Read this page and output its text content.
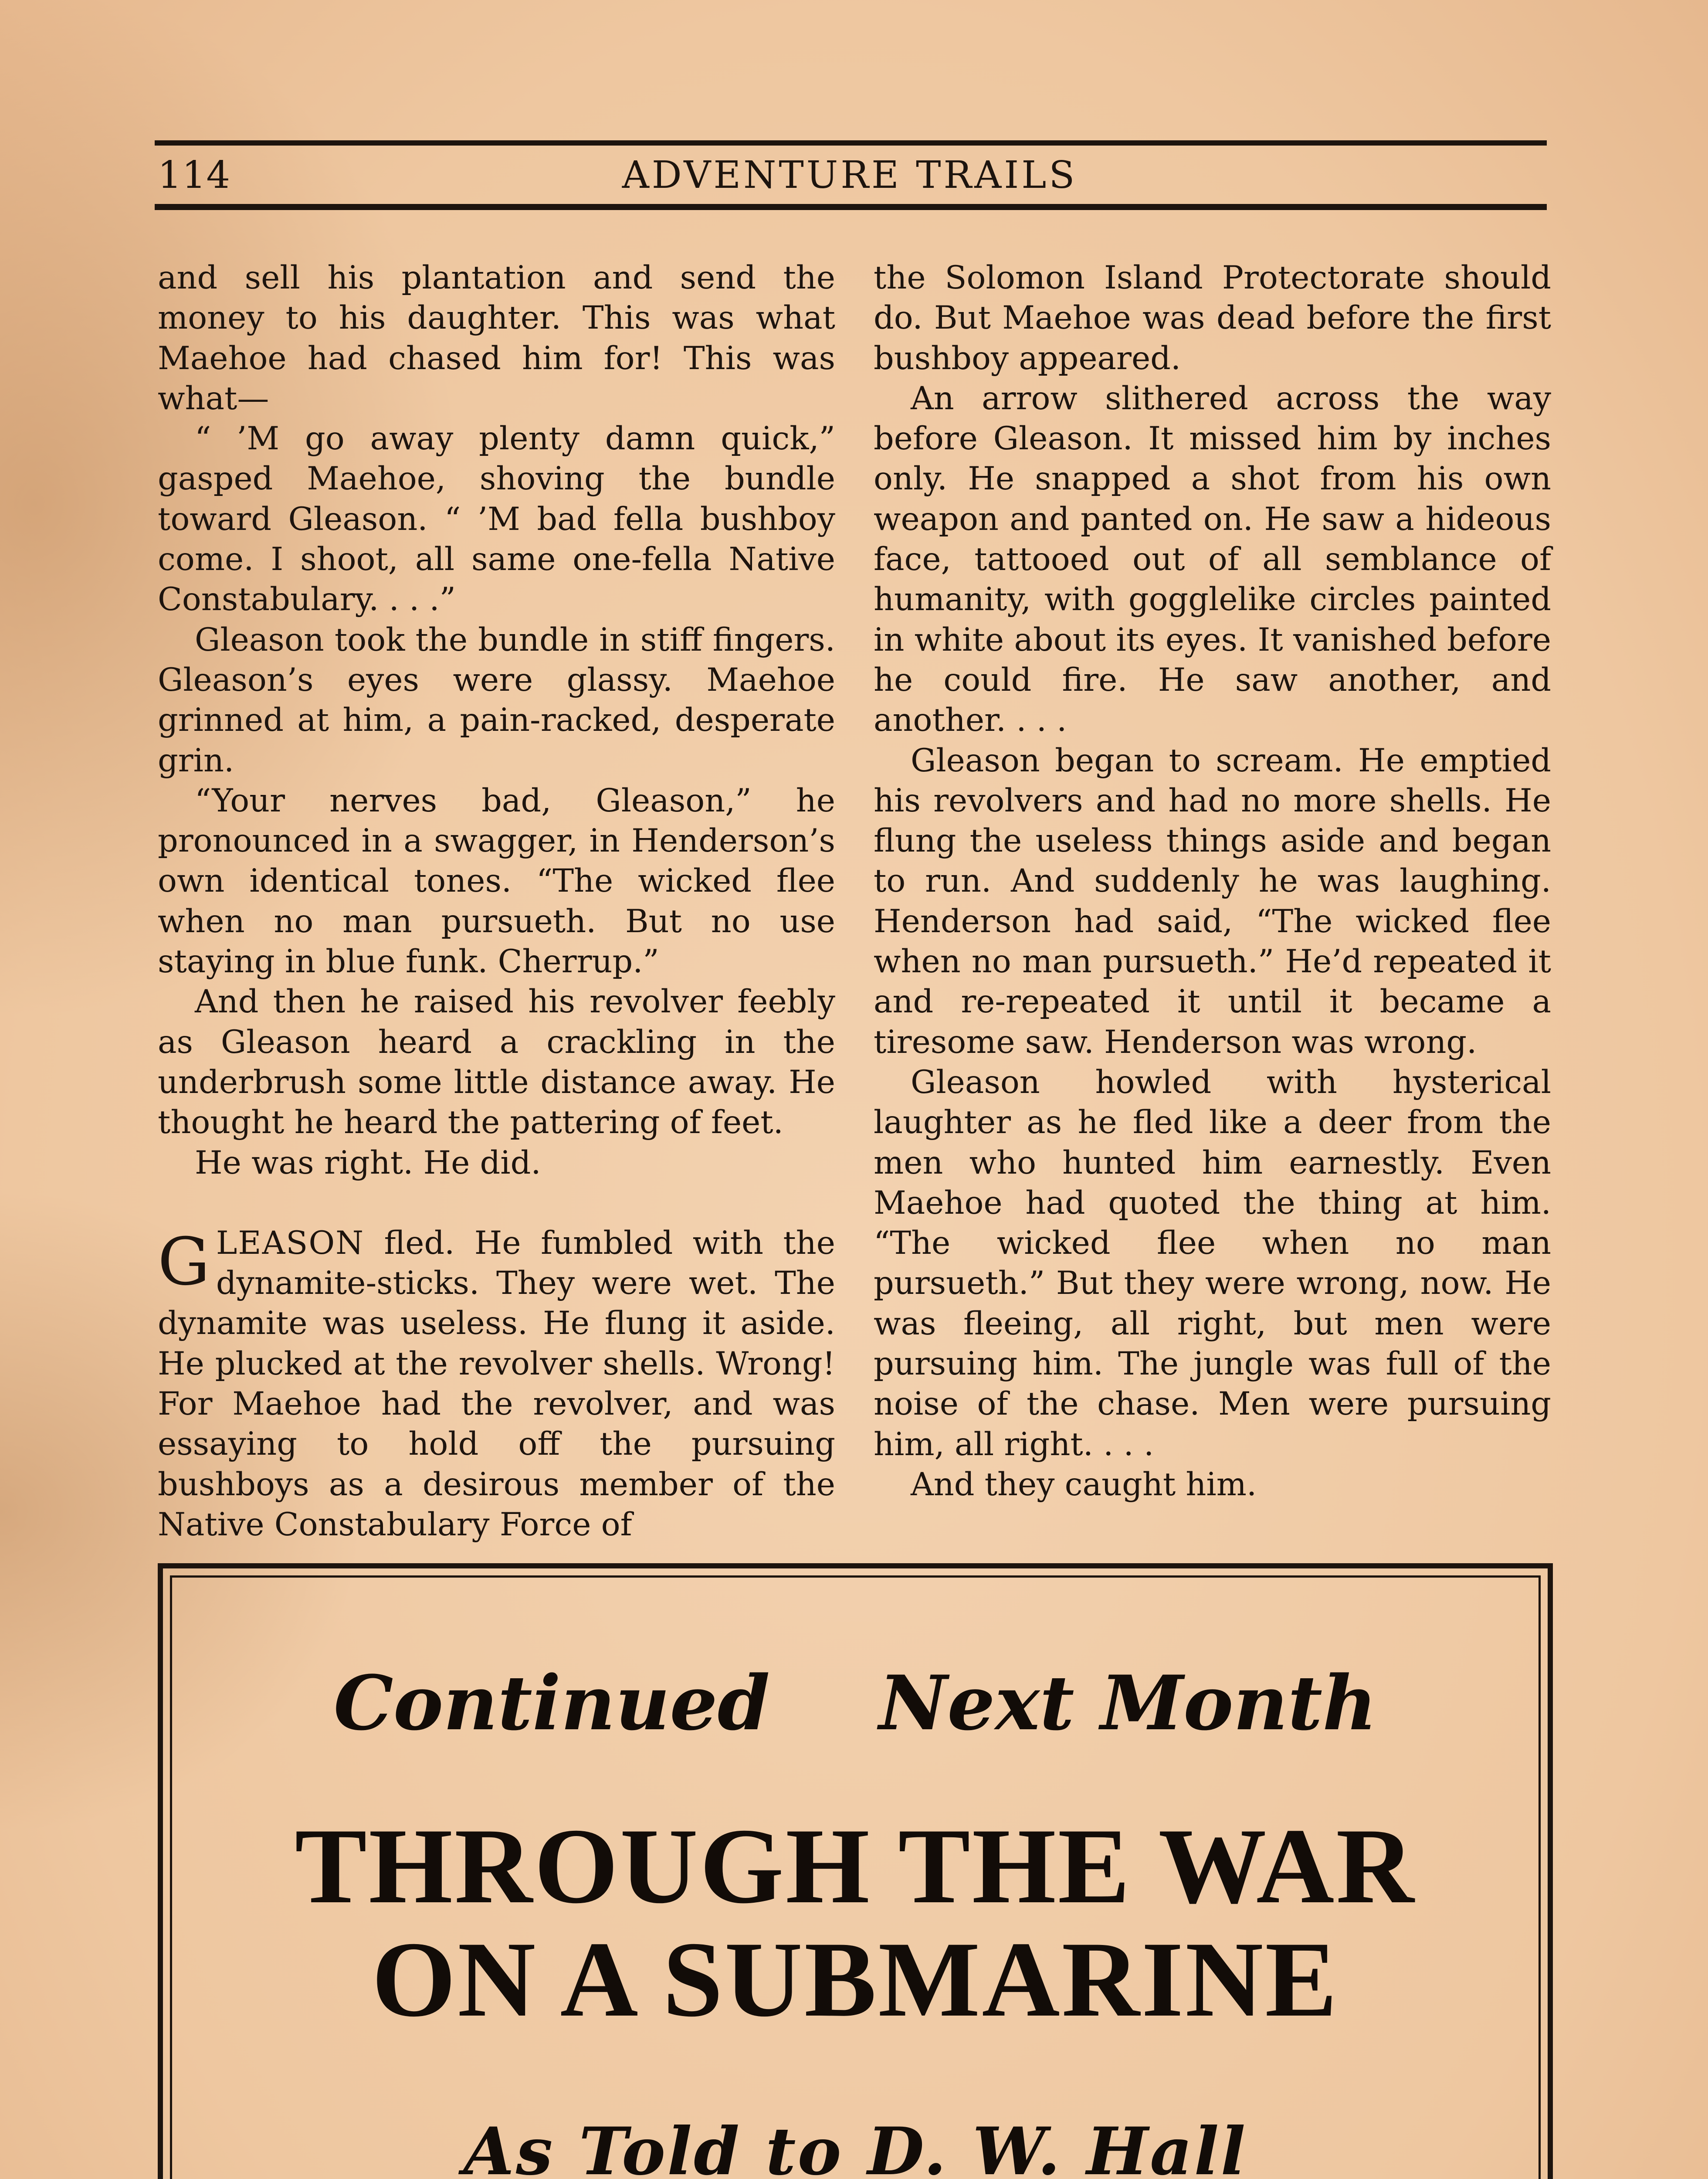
114	ADVENTURE TRAILS

and sell his plantation and send the money to his daughter. This was what Maehoe had chased him for! This was what—

“ ’M go away plenty damn quick,” gasped Maehoe, shoving the bundle toward Gleason. “ ’M bad fella bushboy come. I shoot, all same one-fella Native Constabulary. . . .”

Gleason took the bundle in stiff fingers. Gleason’s eyes were glassy. Maehoe grinned at him, a pain-racked, desperate grin.

“Your nerves bad, Gleason,” he pronounced in a swagger, in Henderson’s own identical tones. “The wicked flee when no man pursueth. But no use staying in blue funk. Cherrup.”

And then he raised his revolver feebly as Gleason heard a crackling in the underbrush some little distance away. He thought he heard the pattering of feet.

He was right. He did.

GLEASON fled. He fumbled with the dynamite-sticks. They were wet. The dynamite was useless. He flung it aside. He plucked at the revolver shells. Wrong! For Maehoe had the revolver, and was essaying to hold off the pursuing bushboys as a desirous member of the Native Constabulary Force of

the Solomon Island Protectorate should do. But Maehoe was dead before the first bushboy appeared.

An arrow slithered across the way before Gleason. It missed him by inches only. He snapped a shot from his own weapon and panted on. He saw a hideous face, tattooed out of all semblance of humanity, with gogglelike circles painted in white about its eyes. It vanished before he could fire. He saw another, and another. . . .

Gleason began to scream. He emptied his revolvers and had no more shells. He flung the useless things aside and began to run. And suddenly he was laughing. Henderson had said, “The wicked flee when no man pursueth.” He’d repeated it and re-repeated it until it became a tiresome saw. Henderson was wrong.

Gleason howled with hysterical laughter as he fled like a deer from the men who hunted him earnestly. Even Maehoe had quoted the thing at him. “The wicked flee when no man pursueth.” But they were wrong, now. He was fleeing, all right, but men were pursuing him. The jungle was full of the noise of the chase. Men were pursuing him, all right. . . .

And they caught him.

Continued Next Month
THROUGH THE WAR
ON A SUBMARINE
As Told to D. W. Hall
